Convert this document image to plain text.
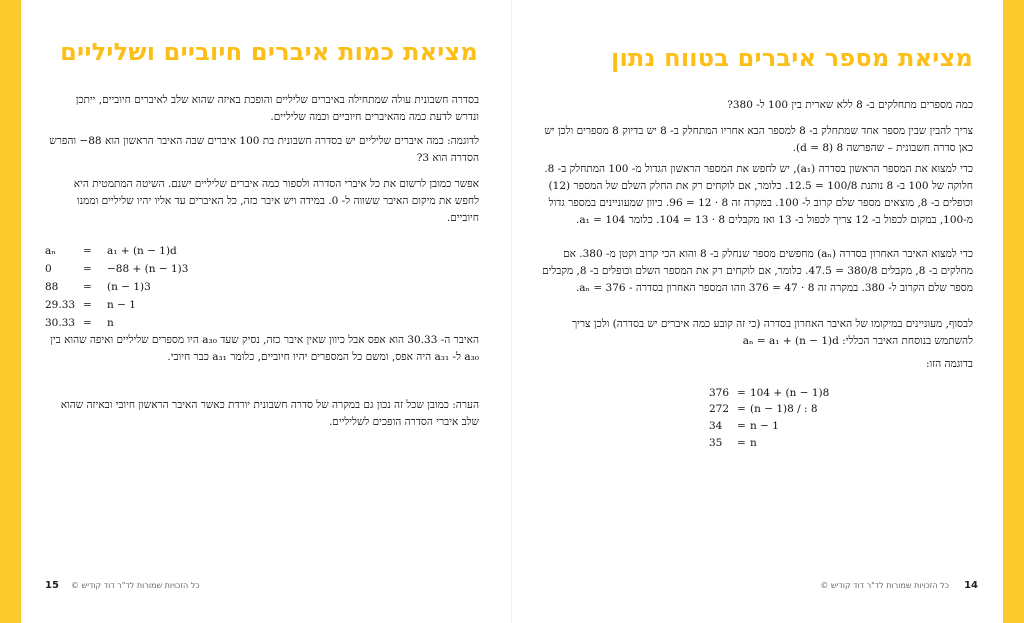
מציאת כמות איברים חיוביים ושליליים
בסדרה חשבונית עולה שמתחילה באיברים שליליים והופכת באיזה שהוא שלב לאיברים חיוביים, ייתכן ונדרש לדעת כמה מהאיברים חיוביים וכמה שליליים.
לדוגמה: כמה איברים שליליים יש בסדרה חשבונית בת 100 איברים שבה האיבר הראשון הוא 88− והפרש הסדרה הוא 3?
אפשר כמובן לרשום את כל איברי הסדרה ולספור כמה איברים שליליים ישנם. השיטה המתמטית היא לחפש את מיקום האיבר ששווה ל- 0. במידה ויש איבר כזה, כל האיברים עד אליו יהיו שליליים וממנו חיוביים.
aₙ	= a₁ + (n − 1)d
0	= −88 + (n − 1)3
88 = (n − 1)3
29.33 = n − 1
30.33 = n
האיבר ה- 30.33 הוא אפס אבל כיוון שאין איבר כזה, נסיק שעד a₃₀ היו מספרים שליליים ואיפה שהוא בין a₃₀ ל- a₃₁ היה אפס, ומשם כל המספרים יהיו חיוביים, כלומר a₃₁ כבר חיובי.
הערה: כמובן שכל זה נכון גם במקרה של סדרה חשבונית יורדת כאשר האיבר הראשון חיובי ובאיזה שהוא שלב איברי הסדרה הופכים לשליליים.
כל הזכויות שמורות לד"ר דוד קודיש ©
15
מציאת מספר איברים בטווח נתון
כמה מספרים מתחלקים ב- 8 ללא שארית בין 100 ל- 380?
צריך להבין שבין מספר אחד שמתחלק ב- 8 למספר הבא אחריו המתחלק ב- 8 יש בדיוק 8 מספרים ולכן יש כאן סדרה חשבונית – שהפרשה 8 (d = 8).
כדי למצוא את המספר הראשון בסדרה (a₁), יש לחפש את המספר הראשון הגדול מ- 100 המתחלק ב- 8. חלוקה של 100 ב- 8 נותנת 100/8 = 12.5. כלומר, אם לוקחים רק את החלק השלם של המספר (12) וכופלים ב- 8, מוצאים מספר שלם קרוב ל- 100. במקרה זה 8 · 12 = 96. כיוון שמעוניינים במספר גדול מ-100, במקום לכפול ב- 12 צריך לכפול ב- 13 ואז מקבלים 8 · 13 = 104. כלומר a₁ = 104.
כדי למצוא האיבר האחרון בסדרה (aₙ) מחפשים מספר שנחלק ב- 8 והוא הכי קרוב וקטן מ- 380. אם מחלקים ב- 8, מקבלים 380/8 = 47.5. כלומר, אם לוקחים רק את המספר השלם וכופלים ב- 8, מקבלים מספר שלם הקרוב ל- 380. במקרה זה 8 · 47 = 376 וזהו המספר האחרון בסדרה - aₙ = 376.
לבסוף, מעוניינים במיקומו של האיבר האחרון בסדרה (כי זה קובע כמה איברים יש בסדרה) ולכן צריך להשתמש בנוסחת האיבר הכללי: aₙ = a₁ + (n − 1)d
בדוגמה הזו:
376 = 104 + (n − 1)8
272 = (n − 1)8 / : 8
34 = n − 1
35 = n
כל הזכויות שמורות לד"ר דוד קודיש © 14
